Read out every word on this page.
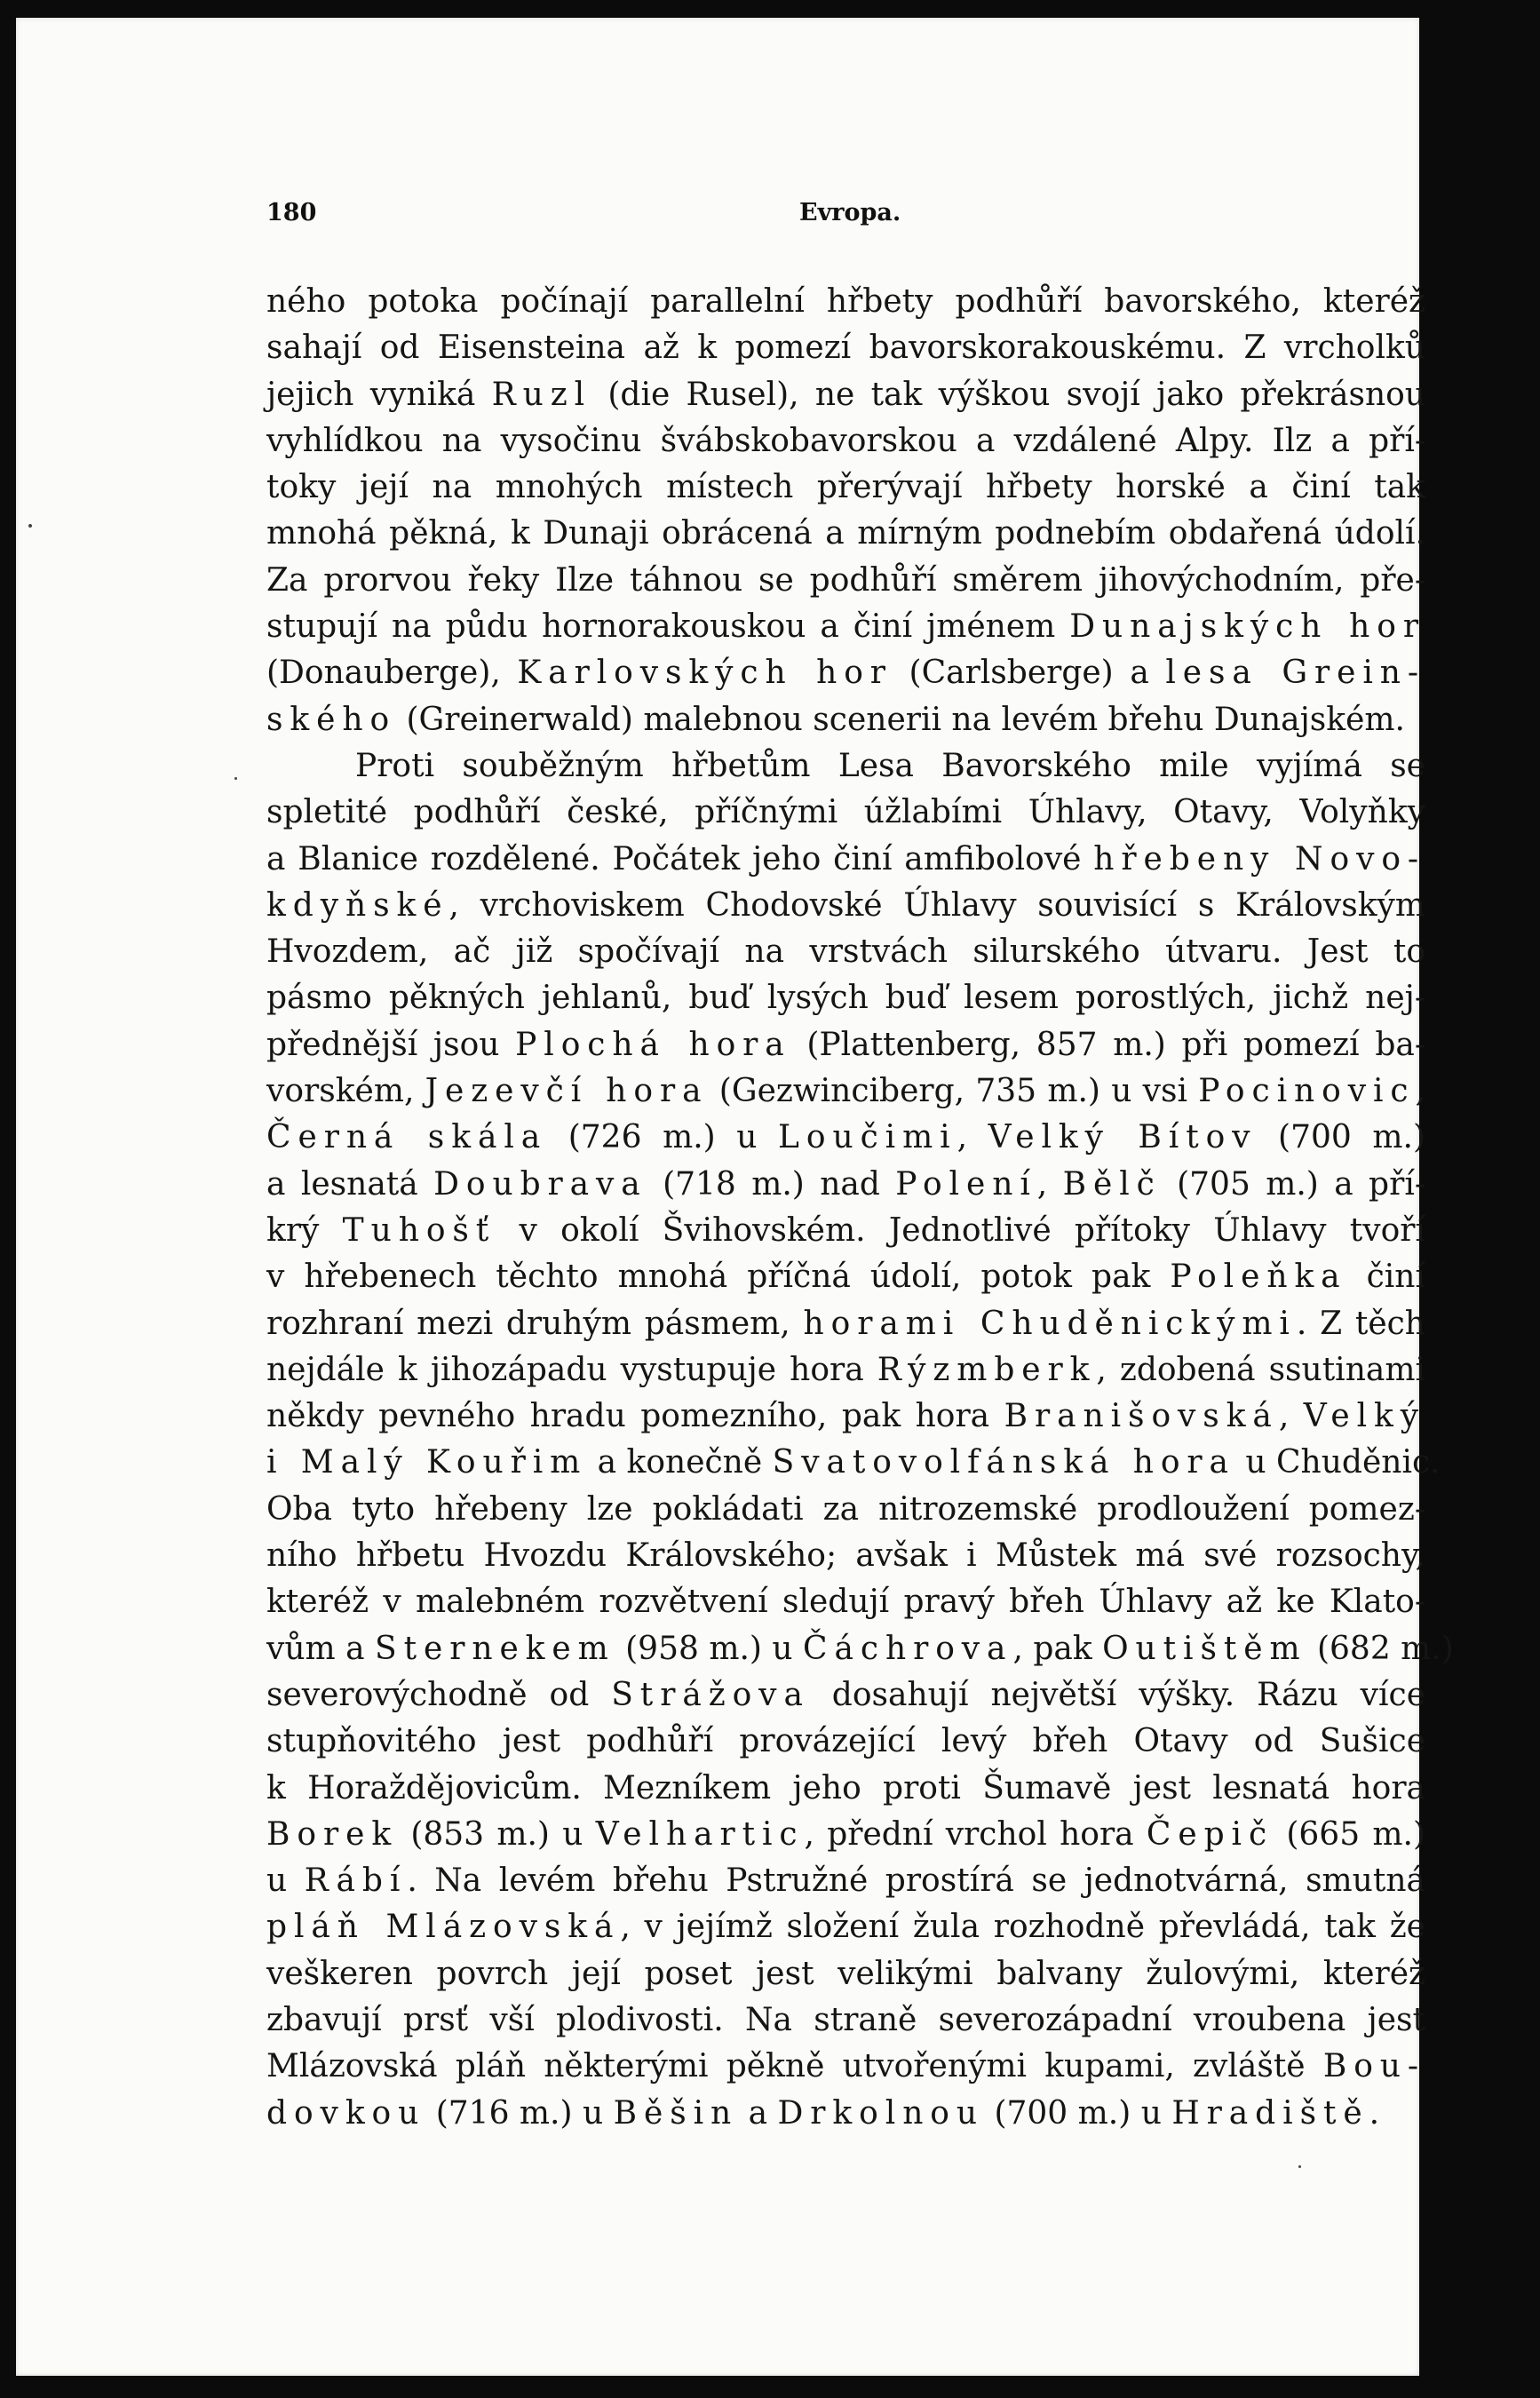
180	Evropa.
ného potoka počínají parallelní hřbety podhůří bavorského, kteréž
sahají od Eisensteina až k pomezí bavorskorakouskému. Z vrcholků
jejich vyniká Ruzl (die Rusel), ne tak výškou svojí jako překrásnou
vyhlídkou na vysočinu švábskobavorskou a vzdálené Alpy. Ilz a pří-
toky její na mnohých místech přerývají hřbety horské a činí tak
mnohá pěkná, k Dunaji obrácená a mírným podnebím obdařená údolí.
Za prorvou řeky Ilze táhnou se podhůří směrem jihovýchodním, pře-
stupují na půdu hornorakouskou a činí jménem Dunajských hor
(Donauberge), Karlovských hor (Carlsberge) a lesa Grein-
ského (Greinerwald) malebnou scenerii na levém břehu Dunajském.
Proti souběžným hřbetům Lesa Bavorského mile vyjímá se
spletité podhůří české, příčnými úžlabími Úhlavy, Otavy, Volyňky
a Blanice rozdělené. Počátek jeho činí amfibolové hřebeny Novo-
kdyňské, vrchoviskem Chodovské Úhlavy souvisící s Královským
Hvozdem, ač již spočívají na vrstvách silurského útvaru. Jest to
pásmo pěkných jehlanů, buď lysých buď lesem porostlých, jichž nej-
přednější jsou Plochá hora (Plattenberg, 857 m.) při pomezí ba-
vorském, Jezevčí hora (Gezwinciberg, 735 m.) u vsi Pocinovic,
Černá skála (726 m.) u Loučimi, Velký Bítov (700 m.)
a lesnatá Doubrava (718 m.) nad Polení, Bělč (705 m.) a pří-
krý Tuhošť v okolí Švihovském. Jednotlivé přítoky Úhlavy tvoří
v hřebenech těchto mnohá příčná údolí, potok pak Poleňka činí
rozhraní mezi druhým pásmem, horami Chuděnickými. Z těch
nejdále k jihozápadu vystupuje hora Rýzmberk, zdobená ssutinami
někdy pevného hradu pomezního, pak hora Branišovská, Velký
i Malý Kouřim a konečně Svatovolfánská hora u Chuděnic.
Oba tyto hřebeny lze pokládati za nitrozemské prodloužení pomez-
ního hřbetu Hvozdu Královského; avšak i Můstek má své rozsochy,
kteréž v malebném rozvětvení sledují pravý břeh Úhlavy až ke Klato-
vům a Sternekem (958 m.) u Čáchrova, pak Outištěm (682 m.)
severovýchodně od Strážova dosahují největší výšky. Rázu více
stupňovitého jest podhůří provázející levý břeh Otavy od Sušice
k Horaždějovicům. Mezníkem jeho proti Šumavě jest lesnatá hora
Borek (853 m.) u Velhartic, přední vrchol hora Čepič (665 m.)
u Rábí. Na levém břehu Pstružné prostírá se jednotvárná, smutná
pláň Mlázovská, v jejímž složení žula rozhodně převládá, tak že
veškeren povrch její poset jest velikými balvany žulovými, kteréž
zbavují prsť vší plodivosti. Na straně severozápadní vroubena jest
Mlázovská pláň některými pěkně utvořenými kupami, zvláště Bou-
dovkou (716 m.) u Běšin a Drkolnou (700 m.) u Hradiště.
